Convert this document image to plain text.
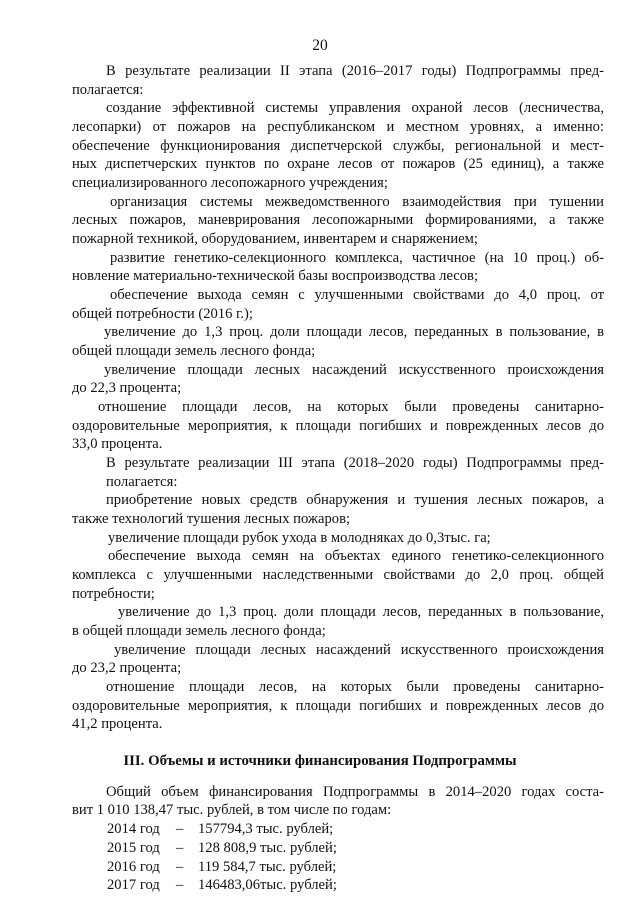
20
В результате реализации II этапа (2016–2017 годы) Подпрограммы пред-
полагается:
создание эффективной системы управления охраной лесов (лесничества,
лесопарки) от пожаров на республиканском и местном уровнях, а именно:
обеспечение функционирования диспетчерской службы, региональной и мест-
ных диспетчерских пунктов по охране лесов от пожаров (25 единиц), а также
специализированного лесопожарного учреждения;
организация системы межведомственного взаимодействия при тушении
лесных пожаров, маневрирования лесопожарными формированиями, а также
пожарной техникой, оборудованием, инвентарем и снаряжением;
развитие генетико-селекционного комплекса, частичное (на 10 проц.) об-
новление материально-технической базы воспроизводства лесов;
обеспечение выхода семян с улучшенными свойствами до 4,0 проц. от
общей потребности (2016 г.);
увеличение до 1,3 проц. доли площади лесов, переданных в пользование, в
общей площади земель лесного фонда;
увеличение площади лесных насаждений искусственного происхождения
до 22,3 процента;
отношение площади лесов, на которых были проведены санитарно-
оздоровительные мероприятия, к площади погибших и поврежденных лесов до
33,0 процента.
В результате реализации III этапа (2018–2020 годы) Подпрограммы пред-
полагается:
приобретение новых средств обнаружения и тушения лесных пожаров, а
также технологий тушения лесных пожаров;
увеличение площади рубок ухода в молодняках до 0,3тыс. га;
обеспечение выхода семян на объектах единого генетико-селекционного
комплекса с улучшенными наследственными свойствами до 2,0 проц. общей
потребности;
увеличение до 1,3 проц. доли площади лесов, переданных в пользование,
в общей площади земель лесного фонда;
увеличение площади лесных насаждений искусственного происхождения
до 23,2 процента;
отношение площади лесов, на которых были проведены санитарно-
оздоровительные мероприятия, к площади погибших и поврежденных лесов до
41,2 процента.
III. Объемы и источники финансирования Подпрограммы
Общий объем финансирования Подпрограммы в 2014–2020 годах соста-
вит 1 010 138,47 тыс. рублей, в том числе по годам:
2014 год – 157794,3 тыс. рублей;
2015 год – 128 808,9 тыс. рублей;
2016 год – 119 584,7 тыс. рублей;
2017 год – 146483,06тыс. рублей;
